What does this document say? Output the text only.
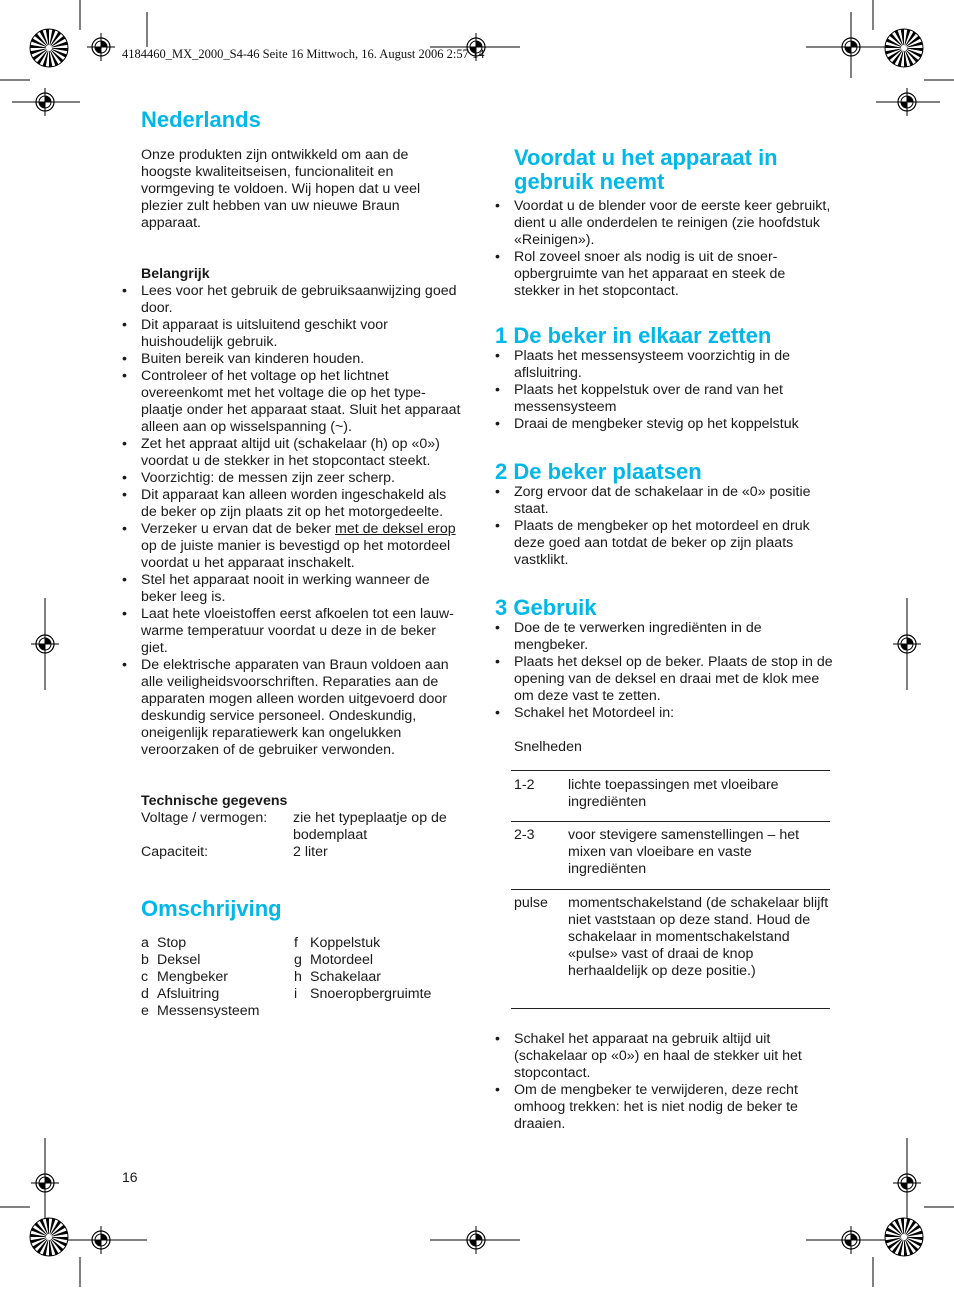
4184460_MX_2000_S4-46 Seite 16 Mittwoch, 16. August 2006 2:57 14
Nederlands

Onze produkten zijn ontwikkeld om aan de hoogste kwaliteitseisen, funcionaliteit en vormgeving te voldoen. Wij hopen dat u veel plezier zult hebben van uw nieuwe Braun apparaat.

Belangrijk
• Lees voor het gebruik de gebruiksaanwijzing goed door.
• Dit apparaat is uitsluitend geschikt voor huishoudelijk gebruik.
• Buiten bereik van kinderen houden.
• Controleer of het voltage op het lichtnet overeenkomt met het voltage die op het type-plaatje onder het apparaat staat. Sluit het apparaat alleen aan op wisselspanning (~).
• Zet het appraat altijd uit (schakelaar (h) op «0») voordat u de stekker in het stopcontact steekt.
• Voorzichtig: de messen zijn zeer scherp.
• Dit apparaat kan alleen worden ingeschakeld als de beker op zijn plaats zit op het motorgedeelte.
• Verzeker u ervan dat de beker met de deksel erop op de juiste manier is bevestigd op het motordeel voordat u het apparaat inschakelt.
• Stel het apparaat nooit in werking wanneer de beker leeg is.
• Laat hete vloeistoffen eerst afkoelen tot een lauw-warme temperatuur voordat u deze in de beker giet.
• De elektrische apparaten van Braun voldoen aan alle veiligheidsvoorschriften. Reparaties aan de apparaten mogen alleen worden uitgevoerd door deskundig service personeel. Ondeskundig, oneigenlijk reparatiewerk kan ongelukken veroorzaken of de gebruiker verwonden.
Technische gegevens
Voltage / vermogen:	zie het typeplaatje op de bodemplaat
Capaciteit:	2 liter
Omschrijving
a Stop	f Koppelstuk
b Deksel	g Motordeel
c Mengbeker	h Schakelaar
d Afsluitring	i Snoeropbergruimte
e Messensysteem
Voordat u het apparaat in gebruik neemt
• Voordat u de blender voor de eerste keer gebruikt, dient u alle onderdelen te reinigen (zie hoofdstuk «Reinigen»).
• Rol zoveel snoer als nodig is uit de snoer-opbergruimte van het apparaat en steek de stekker in het stopcontact.
1 De beker in elkaar zetten
• Plaats het messensysteem voorzichtig in de aflsluitring.
• Plaats het koppelstuk over de rand van het messensysteem
• Draai de mengbeker stevig op het koppelstuk
2 De beker plaatsen
• Zorg ervoor dat de schakelaar in de «0» positie staat.
• Plaats de mengbeker op het motordeel en druk deze goed aan totdat de beker op zijn plaats vastklikt.
3 Gebruik
• Doe de te verwerken ingrediënten in de mengbeker.
• Plaats het deksel op de beker. Plaats de stop in de opening van de deksel en draai met de klok mee om deze vast te zetten.
• Schakel het Motordeel in:
Snelheden
1-2	lichte toepassingen met vloeibare ingrediënten
2-3	voor stevigere samenstellingen – het mixen van vloeibare en vaste ingrediënten
pulse	momentschakelstand (de schakelaar blijft niet vaststaan op deze stand. Houd de schakelaar in momentschakelstand «pulse» vast of draai de knop herhaaldelijk op deze positie.)
• Schakel het apparaat na gebruik altijd uit (schakelaar op «0») en haal de stekker uit het stopcontact.
• Om de mengbeker te verwijderen, deze recht omhoog trekken: het is niet nodig de beker te draaien.
16
